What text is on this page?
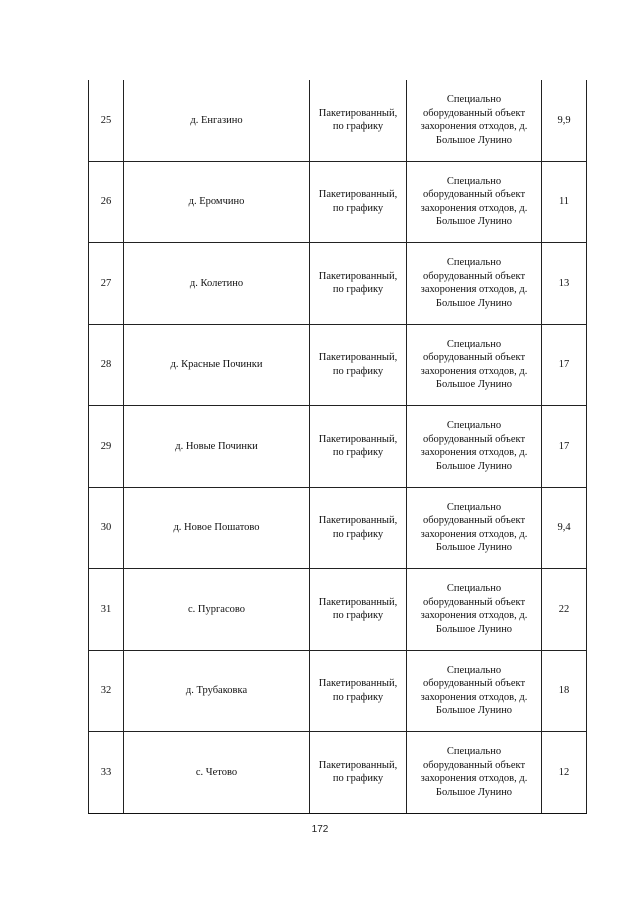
25	д. Енгазино	Пакетированный,
по графику	Специально
оборудованный объект
захоронения отходов, д.
Большое Лунино	9,9
26	д. Еромчино	Пакетированный,
по графику	Специально
оборудованный объект
захоронения отходов, д.
Большое Лунино	11
27	д. Колетино	Пакетированный,
по графику	Специально
оборудованный объект
захоронения отходов, д.
Большое Лунино	13
28	д. Красные Починки	Пакетированный,
по графику	Специально
оборудованный объект
захоронения отходов, д.
Большое Лунино	17
29	д. Новые Починки	Пакетированный,
по графику	Специально
оборудованный объект
захоронения отходов, д.
Большое Лунино	17
30	д. Новое Пошатово	Пакетированный,
по графику	Специально
оборудованный объект
захоронения отходов, д.
Большое Лунино	9,4
31	с. Пургасово	Пакетированный,
по графику	Специально
оборудованный объект
захоронения отходов, д.
Большое Лунино	22
32	д. Трубаковка	Пакетированный,
по графику	Специально
оборудованный объект
захоронения отходов, д.
Большое Лунино	18
33	с. Четово	Пакетированный,
по графику	Специально
оборудованный объект
захоронения отходов, д.
Большое Лунино	12
172
